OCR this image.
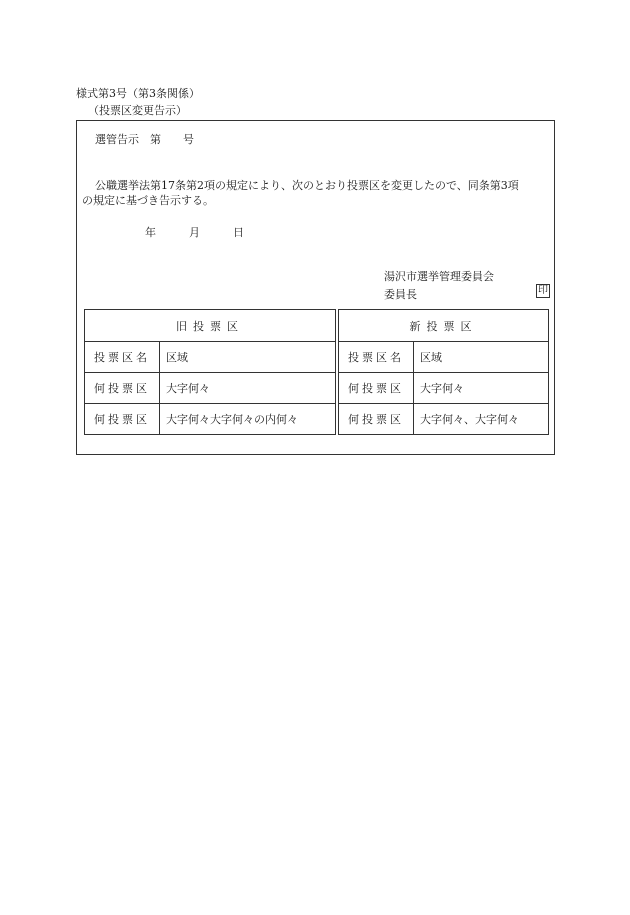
様式第3号（第3条関係）
（投票区変更告示）
選管告示　第　　号
公職選挙法第17条第2項の規定により、次のとおり投票区を変更したので、同条第3項
の規定に基づき告示する。
年　　　月　　　日
湯沢市選挙管理委員会
委員長	印
旧投票区	
投票区名	区域
何投票区	大字何々
何投票区	大字何々大字何々の内何々
新投票区	
投票区名	区域
何投票区	大字何々
何投票区	大字何々、大字何々
